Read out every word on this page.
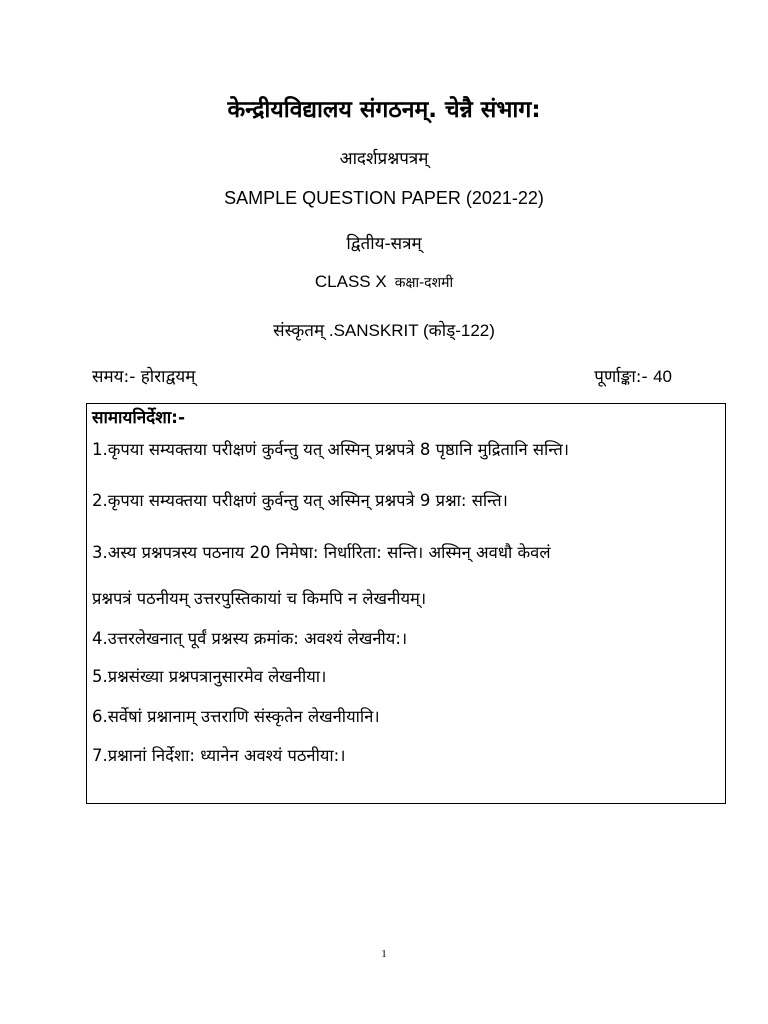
केन्द्रीयविद्यालय संगठनम्. चेन्नै संभाग:
आदर्शप्रश्नपत्रम्
SAMPLE QUESTION PAPER (2021-22)
द्वितीय-सत्रम्
CLASS X कक्षा-दशमी
संस्कृतम् .SANSKRIT (कोड्-122)
समय:- होराद्वयम्	पूर्णाङ्का:- 40
सामायनिर्देशा:-
1.कृपया सम्यक्तया परीक्षणं कुर्वन्तु यत् अस्मिन् प्रश्नपत्रे 8 पृष्ठानि मुद्रितानि सन्ति।
2.कृपया सम्यक्तया परीक्षणं कुर्वन्तु यत् अस्मिन् प्रश्नपत्रे 9 प्रश्ना: सन्ति।
3.अस्य प्रश्नपत्रस्य पठनाय 20 निमेषा: निर्धारिता: सन्ति। अस्मिन् अवधौ केवलं
प्रश्नपत्रं पठनीयम् उत्तरपुस्तिकायां च किमपि न लेखनीयम्।
4.उत्तरलेखनात् पूर्वं प्रश्नस्य क्रमांक: अवश्यं लेखनीय:।
5.प्रश्नसंख्या प्रश्नपत्रानुसारमेव लेखनीया।
6.सर्वेषां प्रश्नानाम् उत्तराणि संस्कृतेन लेखनीयानि।
7.प्रश्नानां निर्देशा: ध्यानेन अवश्यं पठनीया:।
1
